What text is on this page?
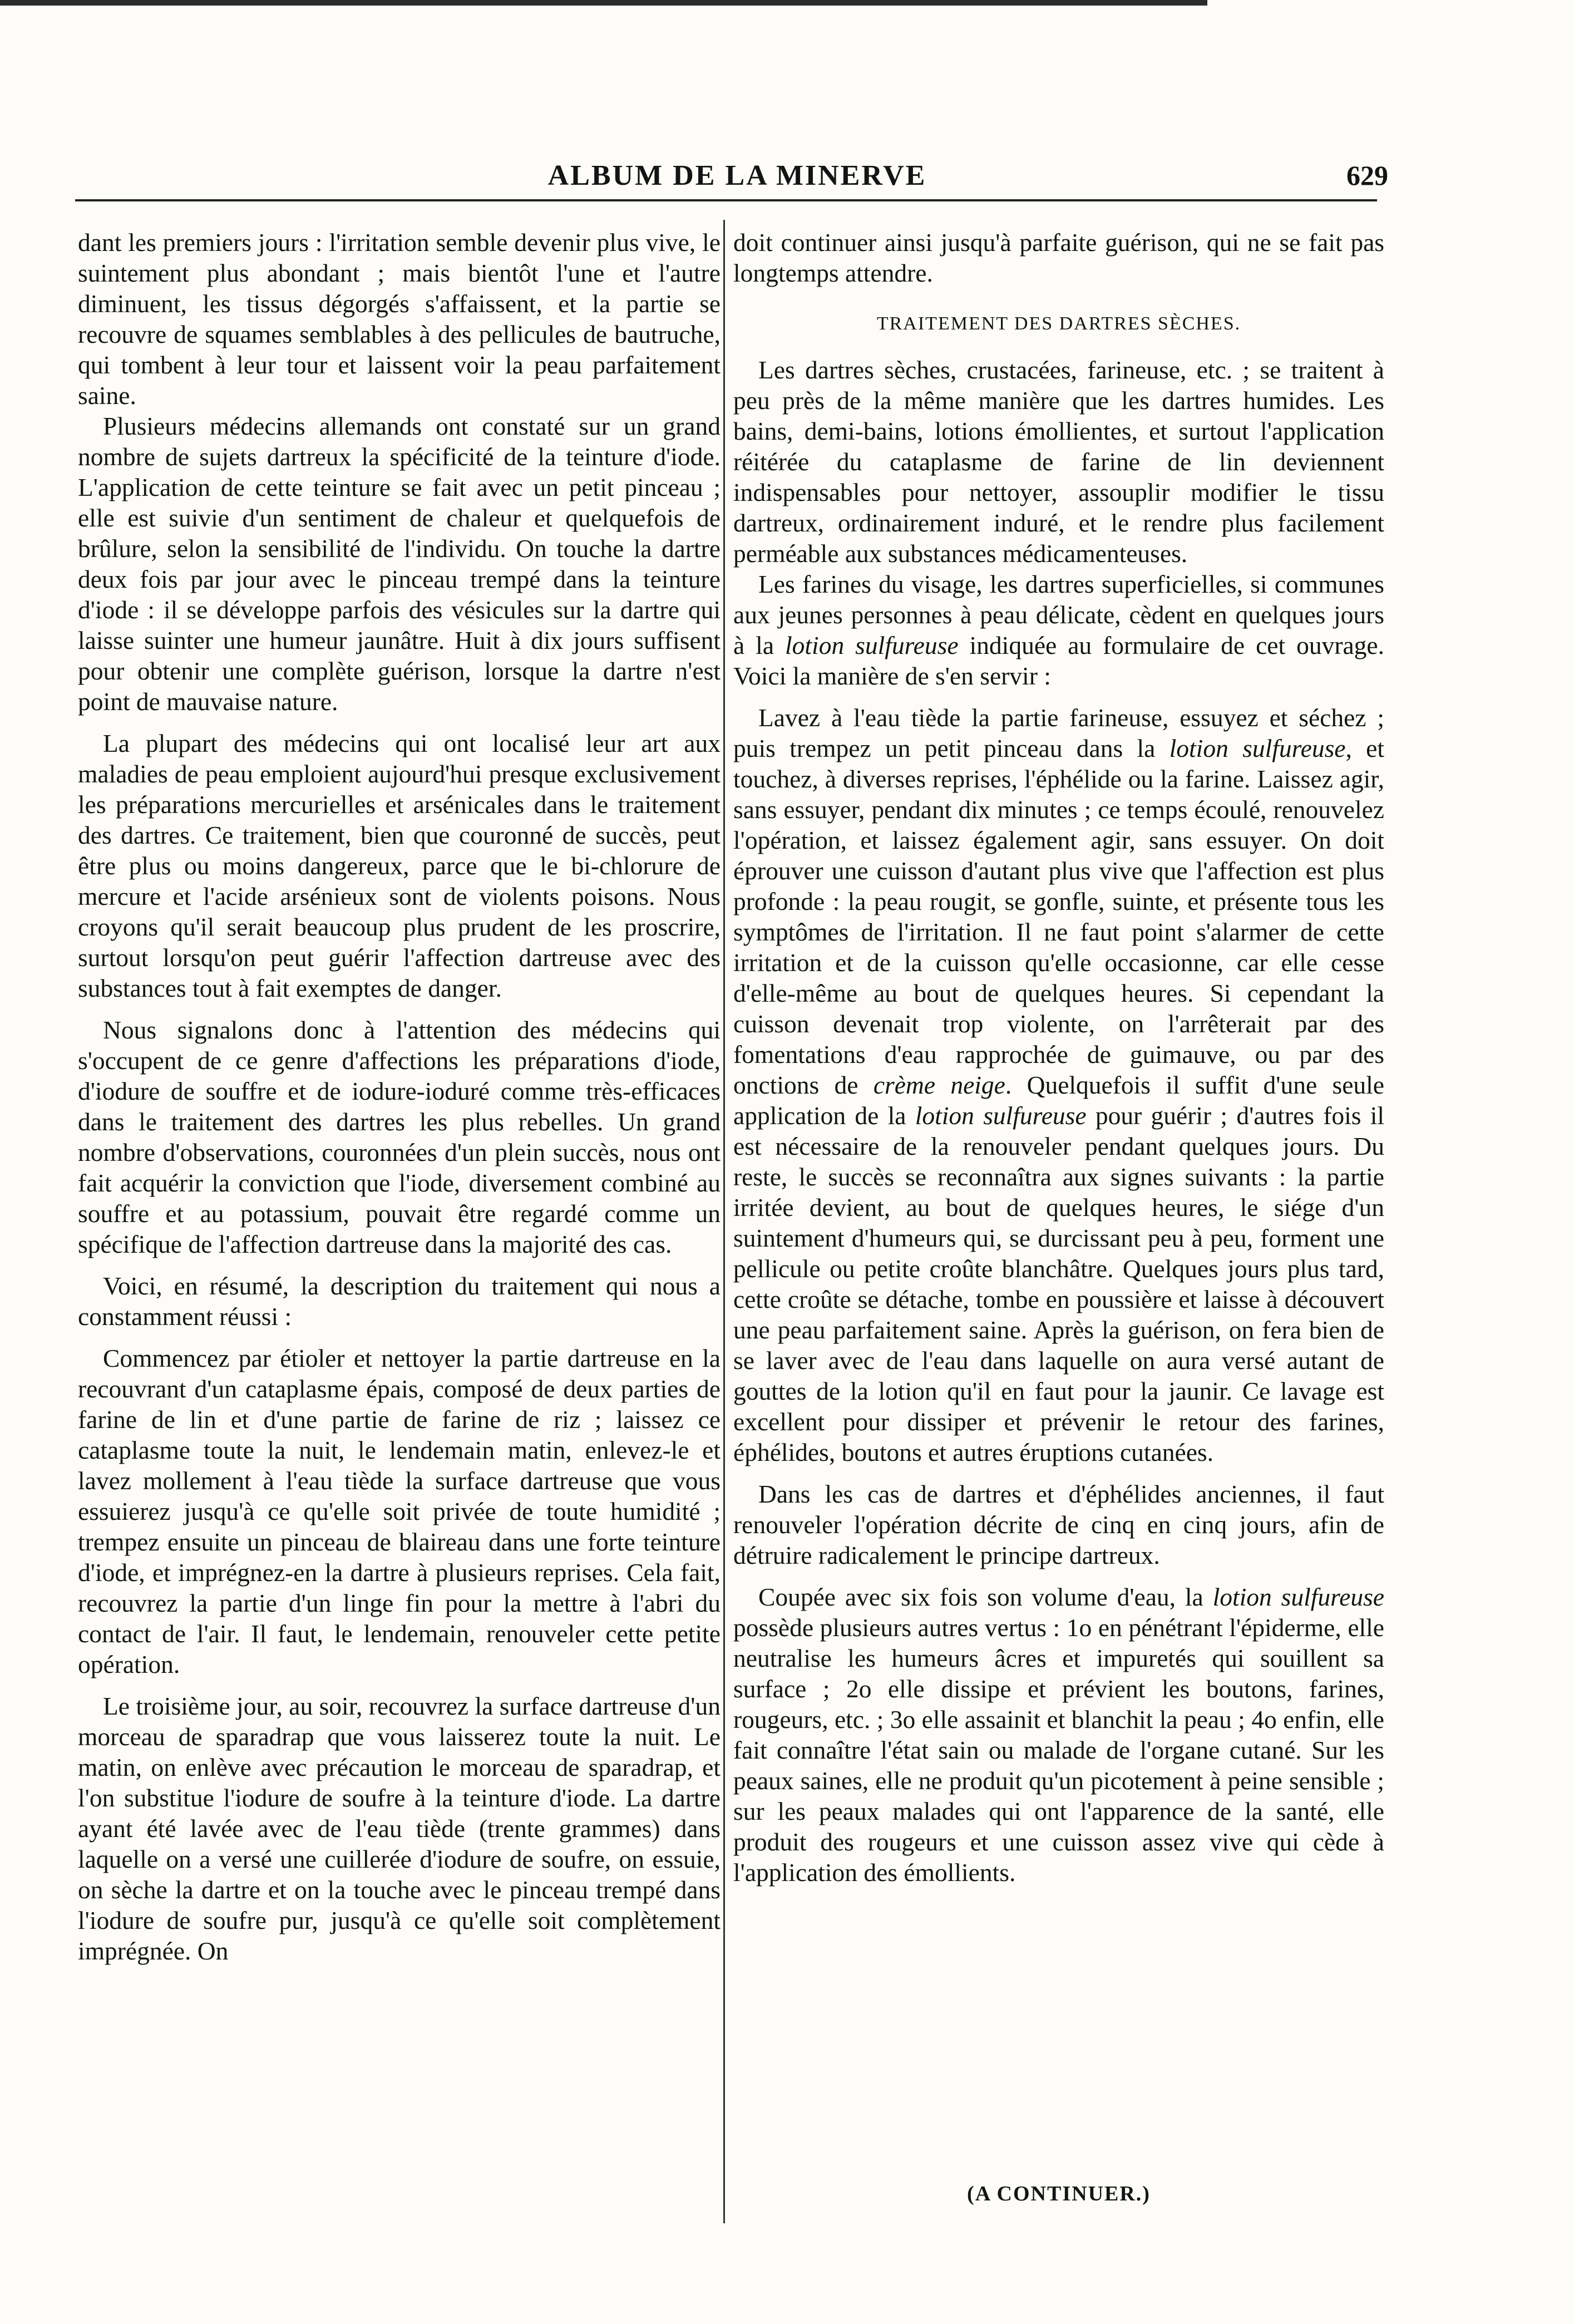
ALBUM DE LA MINERVE	629

dant les premiers jours : l'irritation semble devenir plus vive, le suintement plus abondant ; mais bientôt l'une et l'autre diminuent, les tissus dégorgés s'affaissent, et la partie se recouvre de squames semblables à des pellicules de bautruche, qui tombent à leur tour et laissent voir la peau parfaitement saine.

Plusieurs médecins allemands ont constaté sur un grand nombre de sujets dartreux la spécificité de la teinture d'iode. L'application de cette teinture se fait avec un petit pinceau ; elle est suivie d'un sentiment de chaleur et quelquefois de brûlure, selon la sensibilité de l'individu. On touche la dartre deux fois par jour avec le pinceau trempé dans la teinture d'iode : il se développe parfois des vésicules sur la dartre qui laisse suinter une humeur jaunâtre. Huit à dix jours suffisent pour obtenir une complète guérison, lorsque la dartre n'est point de mauvaise nature.

La plupart des médecins qui ont localisé leur art aux maladies de peau emploient aujourd'hui presque exclusivement les préparations mercurielles et arsénicales dans le traitement des dartres. Ce traitement, bien que couronné de succès, peut être plus ou moins dangereux, parce que le bi-chlorure de mercure et l'acide arsénieux sont de violents poisons. Nous croyons qu'il serait beaucoup plus prudent de les proscrire, surtout lorsqu'on peut guérir l'affection dartreuse avec des substances tout à fait exemptes de danger.

Nous signalons donc à l'attention des médecins qui s'occupent de ce genre d'affections les préparations d'iode, d'iodure de souffre et de iodure-ioduré comme très-efficaces dans le traitement des dartres les plus rebelles. Un grand nombre d'observations, couronnées d'un plein succès, nous ont fait acquérir la conviction que l'iode, diversement combiné au souffre et au potassium, pouvait être regardé comme un spécifique de l'affection dartreuse dans la majorité des cas.

Voici, en résumé, la description du traitement qui nous a constamment réussi :

Commencez par étioler et nettoyer la partie dartreuse en la recouvrant d'un cataplasme épais, composé de deux parties de farine de lin et d'une partie de farine de riz ; laissez ce cataplasme toute la nuit, le lendemain matin, enlevez-le et lavez mollement à l'eau tiède la surface dartreuse que vous essuierez jusqu'à ce qu'elle soit privée de toute humidité ; trempez ensuite un pinceau de blaireau dans une forte teinture d'iode, et imprégnez-en la dartre à plusieurs reprises. Cela fait, recouvrez la partie d'un linge fin pour la mettre à l'abri du contact de l'air. Il faut, le lendemain, renouveler cette petite opération.

Le troisième jour, au soir, recouvrez la surface dartreuse d'un morceau de sparadrap que vous laisserez toute la nuit. Le matin, on enlève avec précaution le morceau de sparadrap, et l'on substitue l'iodure de soufre à la teinture d'iode. La dartre ayant été lavée avec de l'eau tiède (trente grammes) dans laquelle on a versé une cuillerée d'iodure de soufre, on essuie, on sèche la dartre et on la touche avec le pinceau trempé dans l'iodure de soufre pur, jusqu'à ce qu'elle soit complètement imprégnée. On

doit continuer ainsi jusqu'à parfaite guérison, qui ne se fait pas longtemps attendre.

TRAITEMENT DES DARTRES SÈCHES.

Les dartres sèches, crustacées, farineuse, etc. ; se traitent à peu près de la même manière que les dartres humides. Les bains, demi-bains, lotions émollientes, et surtout l'application réitérée du cataplasme de farine de lin deviennent indispensables pour nettoyer, assouplir modifier le tissu dartreux, ordinairement induré, et le rendre plus facilement perméable aux substances médicamenteuses.

Les farines du visage, les dartres superficielles, si communes aux jeunes personnes à peau délicate, cèdent en quelques jours à la lotion sulfureuse indiquée au formulaire de cet ouvrage. Voici la manière de s'en servir :

Lavez à l'eau tiède la partie farineuse, essuyez et séchez ; puis trempez un petit pinceau dans la lotion sulfureuse, et touchez, à diverses reprises, l'éphélide ou la farine. Laissez agir, sans essuyer, pendant dix minutes ; ce temps écoulé, renouvelez l'opération, et laissez également agir, sans essuyer. On doit éprouver une cuisson d'autant plus vive que l'affection est plus profonde : la peau rougit, se gonfle, suinte, et présente tous les symptômes de l'irritation. Il ne faut point s'alarmer de cette irritation et de la cuisson qu'elle occasionne, car elle cesse d'elle-même au bout de quelques heures. Si cependant la cuisson devenait trop violente, on l'arrêterait par des fomentations d'eau rapprochée de guimauve, ou par des onctions de crème neige. Quelquefois il suffit d'une seule application de la lotion sulfureuse pour guérir ; d'autres fois il est nécessaire de la renouveler pendant quelques jours. Du reste, le succès se reconnaîtra aux signes suivants : la partie irritée devient, au bout de quelques heures, le siége d'un suintement d'humeurs qui, se durcissant peu à peu, forment une pellicule ou petite croûte blanchâtre. Quelques jours plus tard, cette croûte se détache, tombe en poussière et laisse à découvert une peau parfaitement saine. Après la guérison, on fera bien de se laver avec de l'eau dans laquelle on aura versé autant de gouttes de la lotion qu'il en faut pour la jaunir. Ce lavage est excellent pour dissiper et prévenir le retour des farines, éphélides, boutons et autres éruptions cutanées.

Dans les cas de dartres et d'éphélides anciennes, il faut renouveler l'opération décrite de cinq en cinq jours, afin de détruire radicalement le principe dartreux.

Coupée avec six fois son volume d'eau, la lotion sulfureuse possède plusieurs autres vertus : 1o en pénétrant l'épiderme, elle neutralise les humeurs âcres et impuretés qui souillent sa surface ; 2o elle dissipe et prévient les boutons, farines, rougeurs, etc. ; 3o elle assainit et blanchit la peau ; 4o enfin, elle fait connaître l'état sain ou malade de l'organe cutané. Sur les peaux saines, elle ne produit qu'un picotement à peine sensible ; sur les peaux malades qui ont l'apparence de la santé, elle produit des rougeurs et une cuisson assez vive qui cède à l'application des émollients.

(A CONTINUER.)
